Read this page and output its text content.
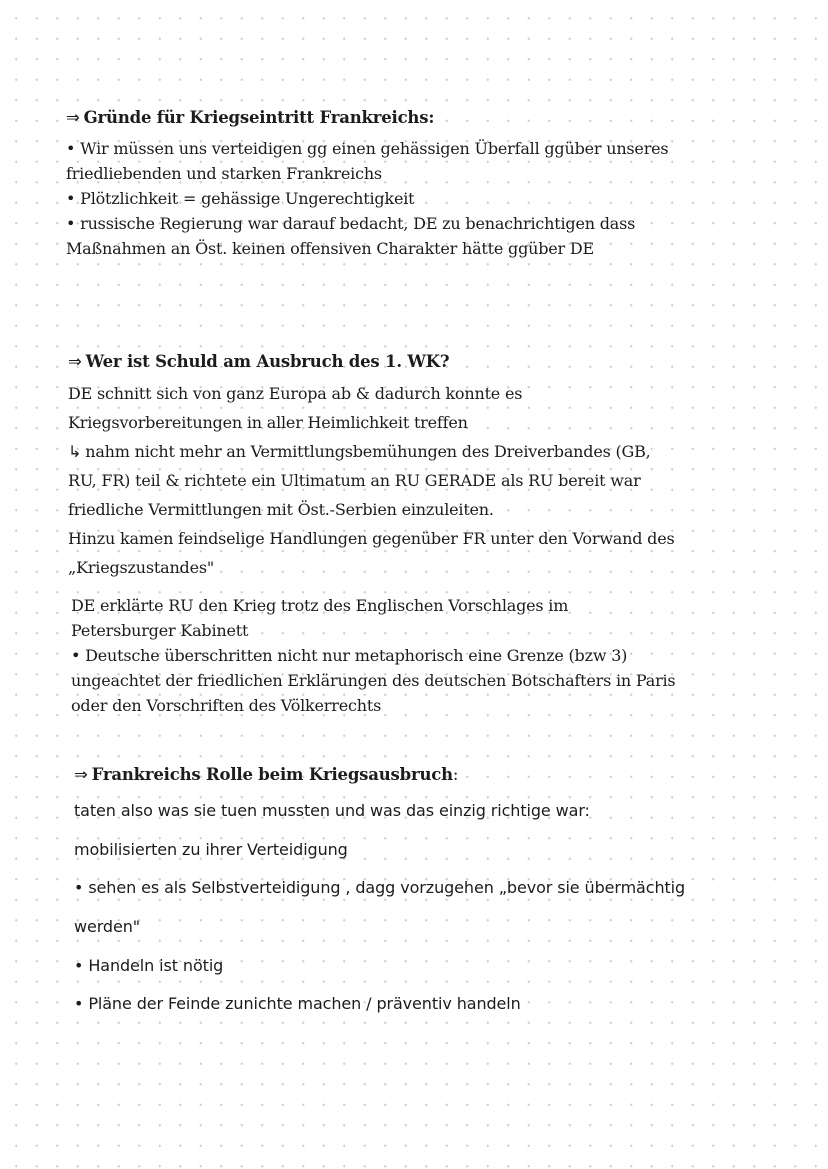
⇒ Gründe für Kriegseintritt Frankreichs:
• Wir müssen uns verteidigen gg einen gehässigen Überfall ggüber unseres
friedliebenden und starken Frankreichs
• Plötzlichkeit = gehässige Ungerechtigkeit
• russische Regierung war darauf bedacht, DE zu benachrichtigen dass
Maßnahmen an Öst. keinen offensiven Charakter hätte ggüber DE
⇒ Wer ist Schuld am Ausbruch des 1. WK?
DE schnitt sich von ganz Europa ab & dadurch konnte es
Kriegsvorbereitungen in aller Heimlichkeit treffen
↳ nahm nicht mehr an Vermittlungsbemühungen des Dreiverbandes (GB,
RU, FR) teil & richtete ein Ultimatum an RU GERADE als RU bereit war
friedliche Vermittlungen mit Öst.-Serbien einzuleiten.
Hinzu kamen feindselige Handlungen gegenüber FR unter den Vorwand des
„Kriegszustandes"
DE erklärte RU den Krieg trotz des Englischen Vorschlages im
Petersburger Kabinett
• Deutsche überschritten nicht nur metaphorisch eine Grenze (bzw 3)
ungeachtet der friedlichen Erklärungen des deutschen Botschafters in Paris
oder den Vorschriften des Völkerrechts
⇒ Frankreichs Rolle beim Kriegsausbruch:
taten also was sie tuen mussten und was das einzig richtige war:
mobilisierten zu ihrer Verteidigung
• sehen es als Selbstverteidigung , dagg vorzugehen „bevor sie übermächtig
werden"
• Handeln ist nötig
• Pläne der Feinde zunichte machen / präventiv handeln
